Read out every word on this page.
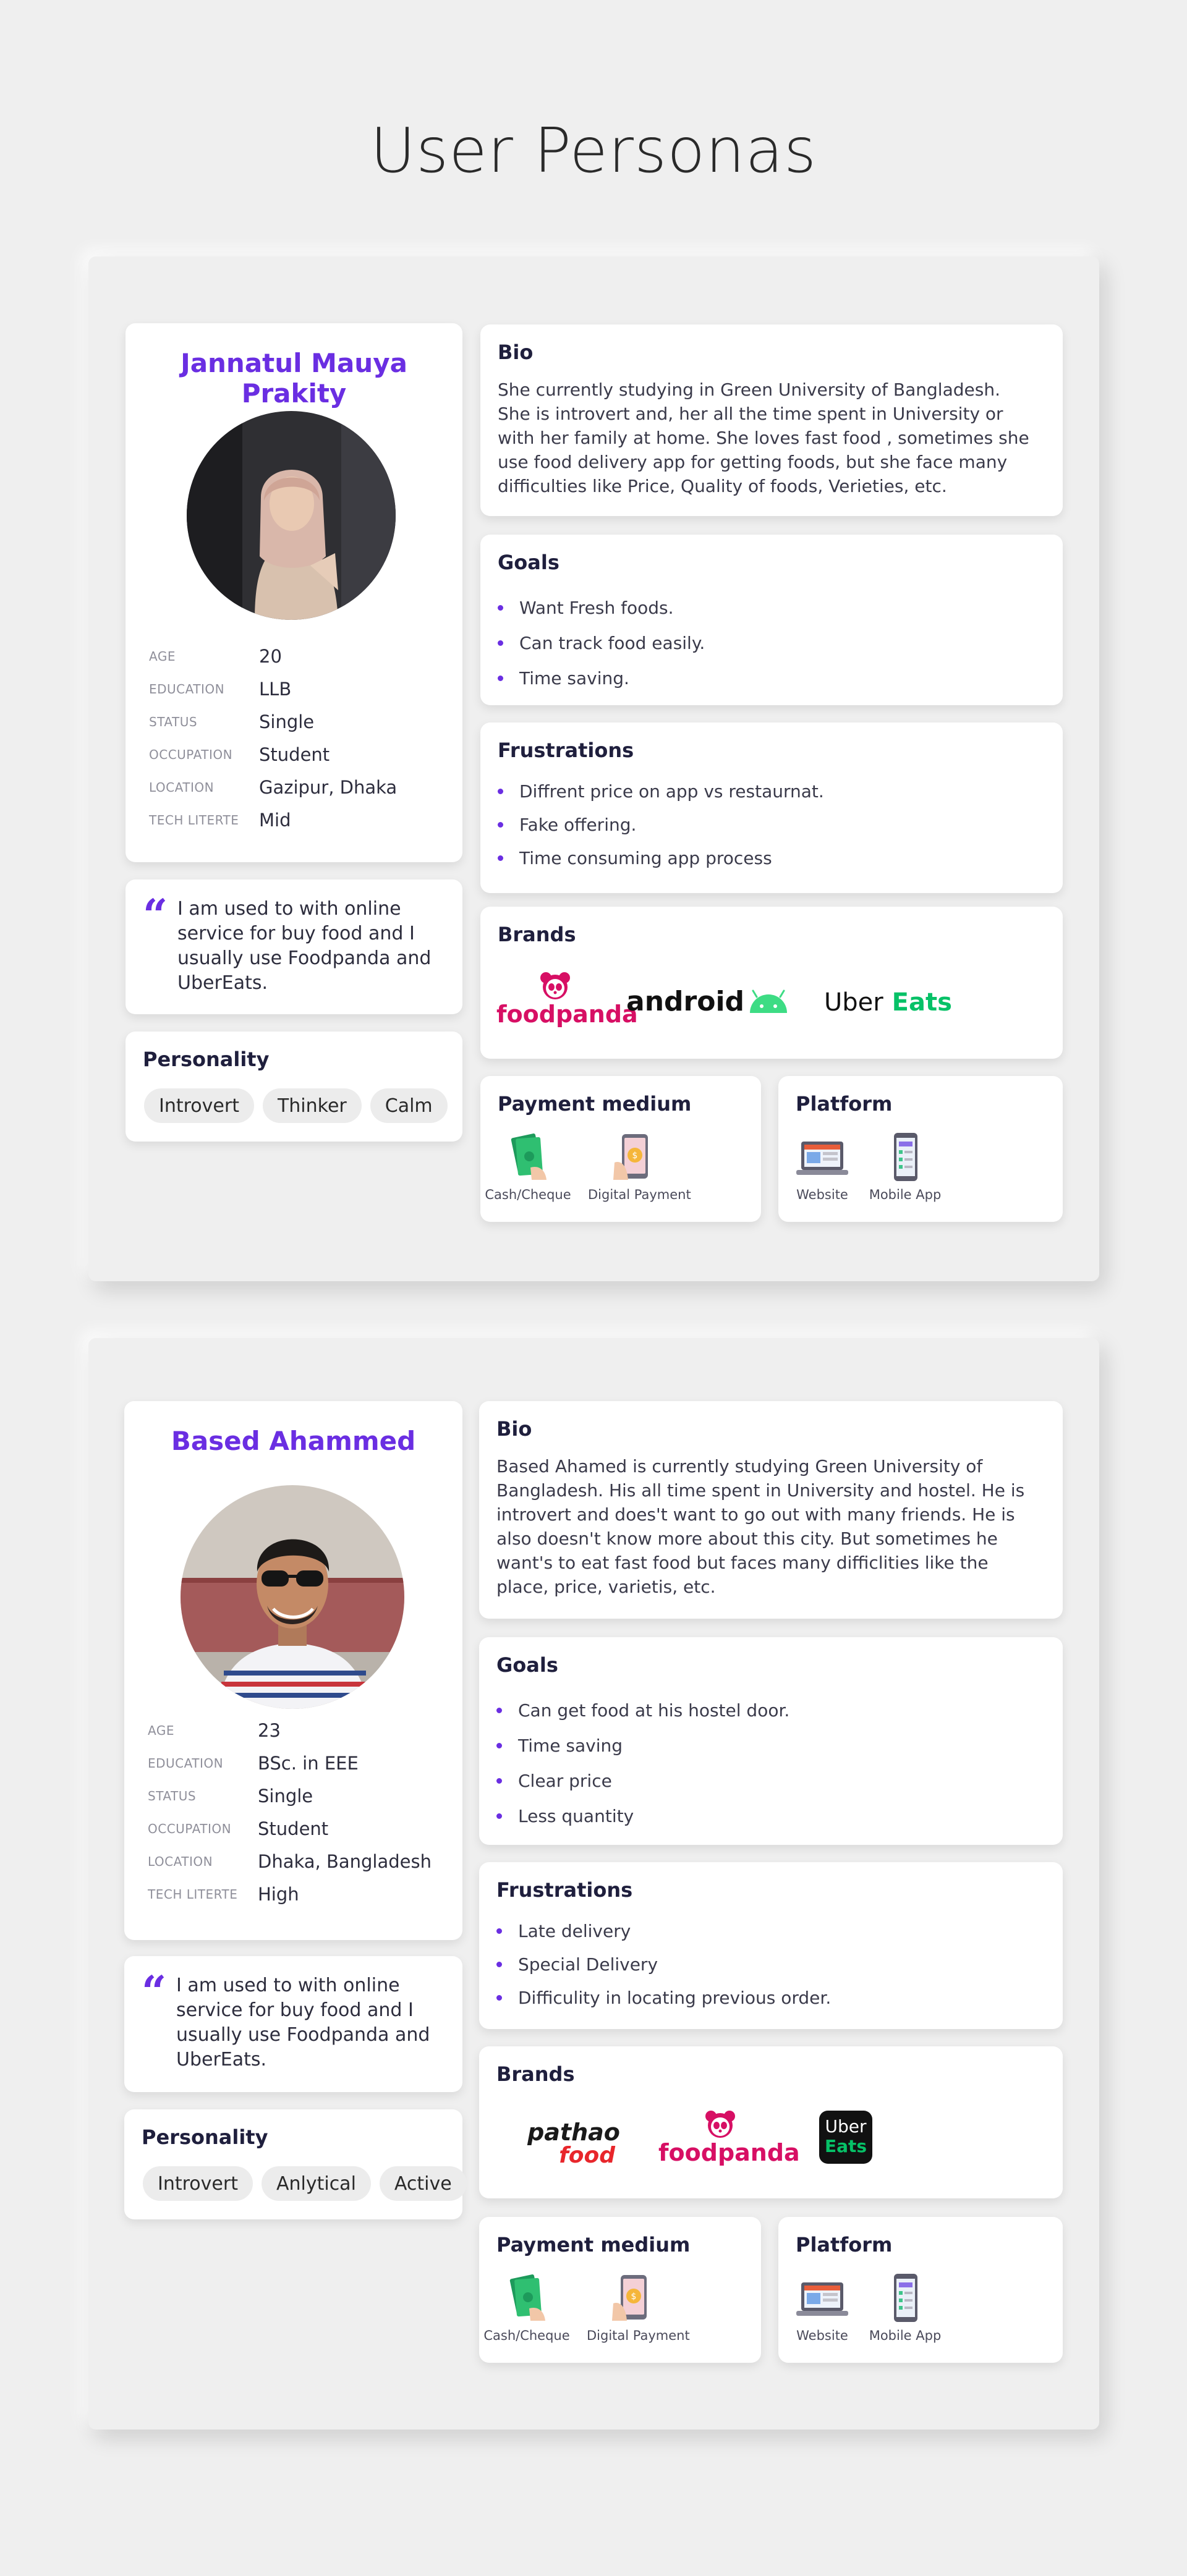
User Personas
Jannatul Mauya Prakity
AGE	20
EDUCATION	LLB
STATUS	Single
OCCUPATION	Student
LOCATION	Gazipur, Dhaka
TECH LITERTE	Mid
“ I am used to with online service for buy food and I usually use Foodpanda and UberEats.
Personality
Introvert	Thinker	Calm
Bio
She currently studying in Green University of Bangladesh. She is introvert and, her all the time spent in University or with her family at home. She loves fast food , sometimes she use food delivery app for getting foods, but she face many difficulties like Price, Quality of foods, Verieties, etc.
Goals
Want Fresh foods.
Can track food easily.
Time saving.
Frustrations
Diffrent price on app vs restaurnat.
Fake offering.
Time consuming app process
Brands
foodpanda
android	Uber Eats
Payment medium
Cash/Cheque
$
Digital Payment
Platform
Website	Mobile App
Based Ahammed
AGE	23
EDUCATION	BSc. in EEE
STATUS	Single
OCCUPATION	Student
LOCATION	Dhaka, Bangladesh
TECH LITERTE	High
“ I am used to with online service for buy food and I usually use Foodpanda and UberEats.
Personality
Introvert	Anlytical	Active
Bio
Based Ahamed is currently studying Green University of Bangladesh. His all time spent in University and hostel. He is introvert and does't want to go out with many friends. He is also doesn't know more about this city. But sometimes he want's to eat fast food but faces many difficlities like the place, price, varietis, etc.
Goals
Can get food at his hostel door.
Time saving
Clear price
Less quantity
Frustrations
Late delivery
Special Delivery
Difficulity in locating previous order.
Brands
pathao
food foodpanda
Uber
Eats
Payment medium
Cash/Cheque
$
Digital Payment
Platform
Website	Mobile App
